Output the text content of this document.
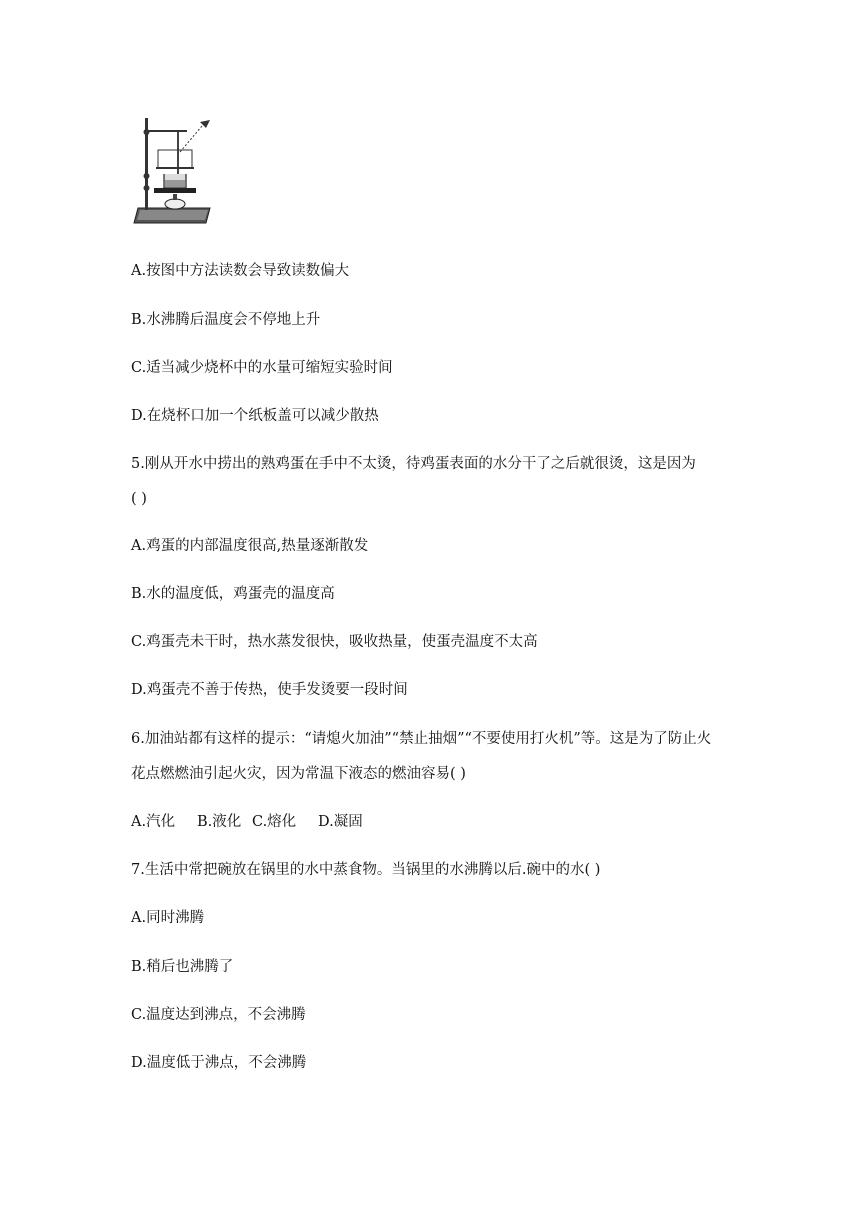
A.按图中方法读数会导致读数偏大
B.水沸腾后温度会不停地上升
C.适当减少烧杯中的水量可缩短实验时间
D.在烧杯口加一个纸板盖可以减少散热
5.刚从开水中捞出的熟鸡蛋在手中不太烫，待鸡蛋表面的水分干了之后就很烫，这是因为
( )
A.鸡蛋的内部温度很高,热量逐渐散发
B.水的温度低，鸡蛋壳的温度高
C.鸡蛋壳未干时，热水蒸发很快，吸收热量，使蛋壳温度不太高
D.鸡蛋壳不善于传热，使手发烫要一段时间
6.加油站都有这样的提示：“请熄火加油”“禁止抽烟”“不要使用打火机”等。这是为了防止火
花点燃燃油引起火灾，因为常温下液态的燃油容易( )
A.汽化 B.液化 C.熔化 D.凝固
7.生活中常把碗放在锅里的水中蒸食物。当锅里的水沸腾以后.碗中的水( )
A.同时沸腾
B.稍后也沸腾了
C.温度达到沸点，不会沸腾
D.温度低于沸点，不会沸腾
